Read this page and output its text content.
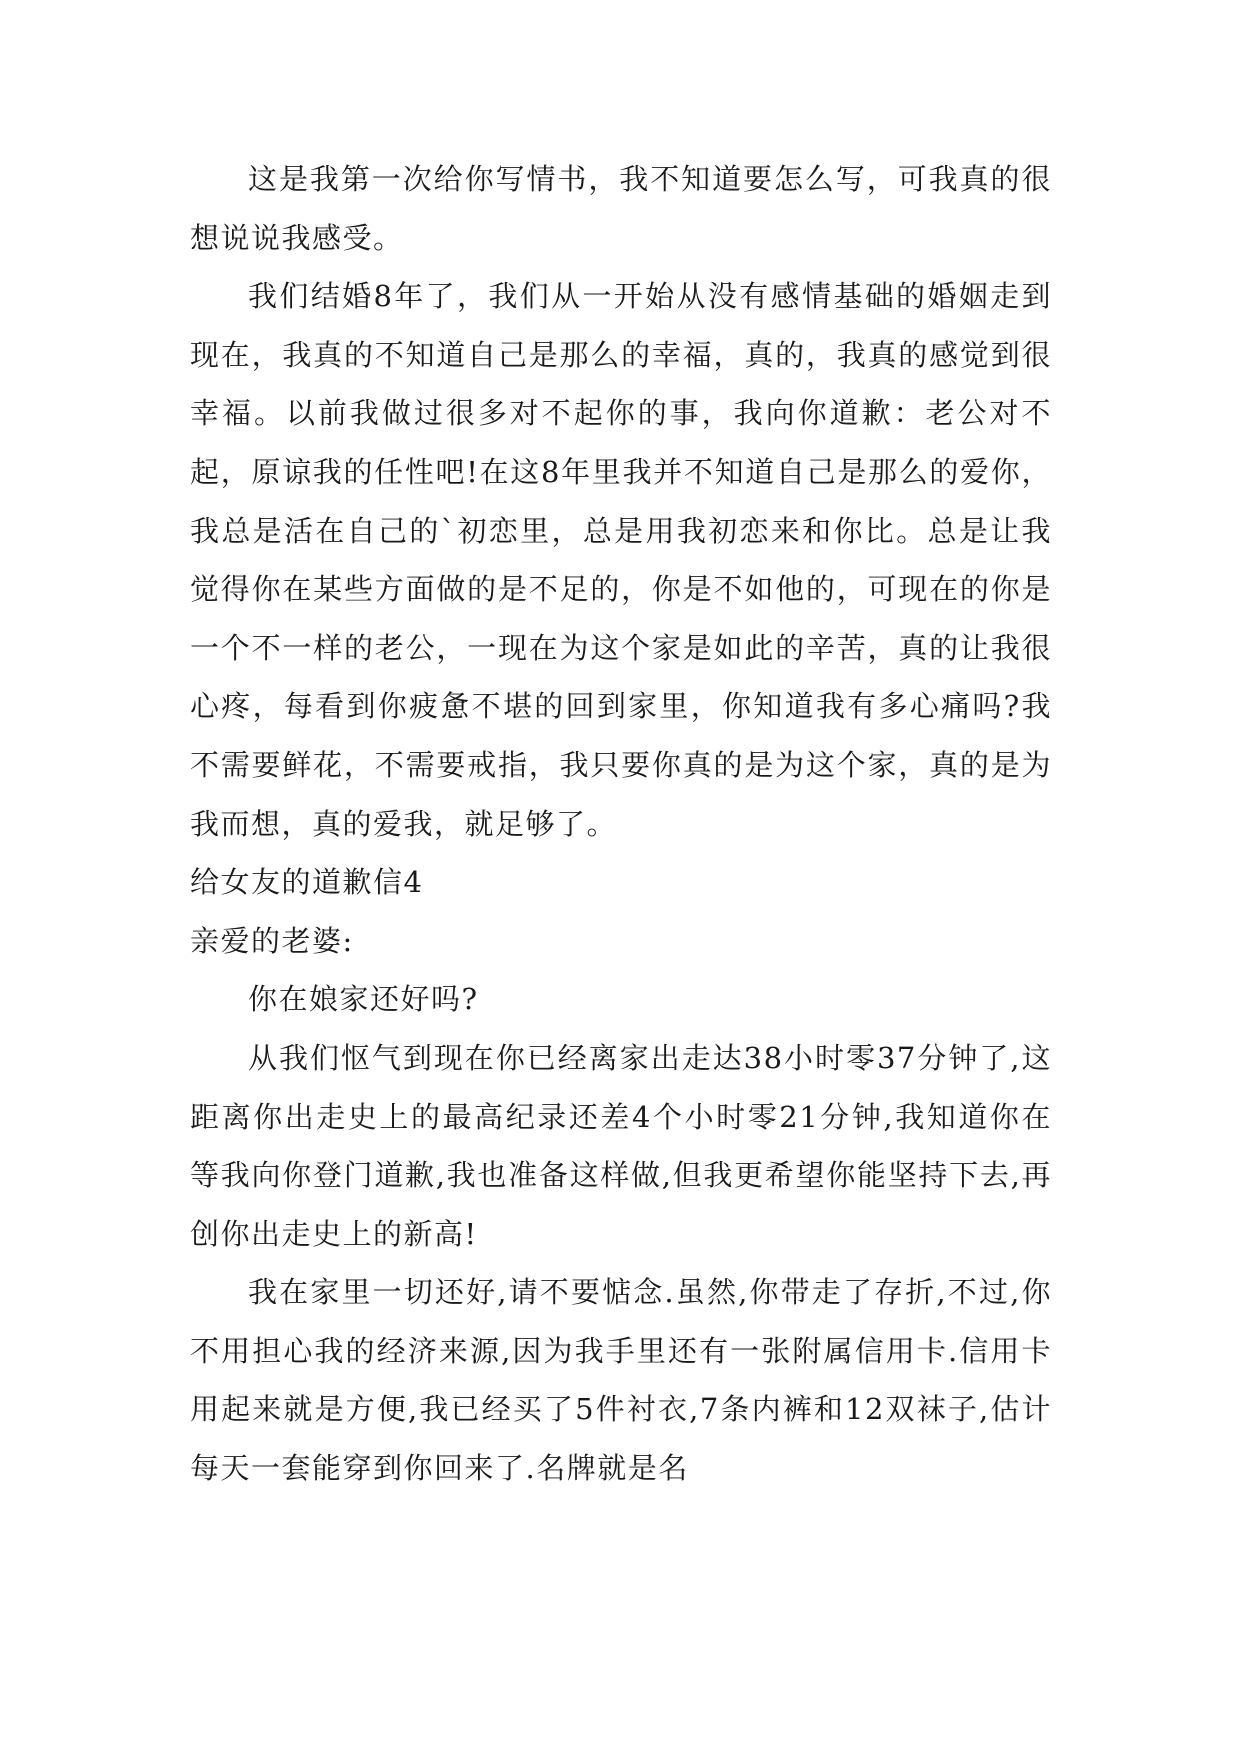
这是我第一次给你写情书，我不知道要怎么写，可我真的很想说说我感受。

我们结婚8年了，我们从一开始从没有感情基础的婚姻走到现在，我真的不知道自己是那么的幸福，真的，我真的感觉到很幸福。以前我做过很多对不起你的事，我向你道歉：老公对不起，原谅我的任性吧!在这8年里我并不知道自己是那么的爱你，我总是活在自己的`初恋里，总是用我初恋来和你比。总是让我觉得你在某些方面做的是不足的，你是不如他的，可现在的你是一个不一样的老公，一现在为这个家是如此的辛苦，真的让我很心疼，每看到你疲惫不堪的回到家里，你知道我有多心痛吗?我不需要鲜花，不需要戒指，我只要你真的是为这个家，真的是为我而想，真的爱我，就足够了。

给女友的道歉信4

亲爱的老婆:

你在娘家还好吗?

从我们怄气到现在你已经离家出走达38小时零37分钟了,这距离你出走史上的最高纪录还差4个小时零21分钟,我知道你在等我向你登门道歉,我也准备这样做,但我更希望你能坚持下去,再创你出走史上的新高!

我在家里一切还好,请不要惦念.虽然,你带走了存折,不过,你不用担心我的经济来源,因为我手里还有一张附属信用卡.信用卡用起来就是方便,我已经买了5件衬衣,7条内裤和12双袜子,估计每天一套能穿到你回来了.名牌就是名
